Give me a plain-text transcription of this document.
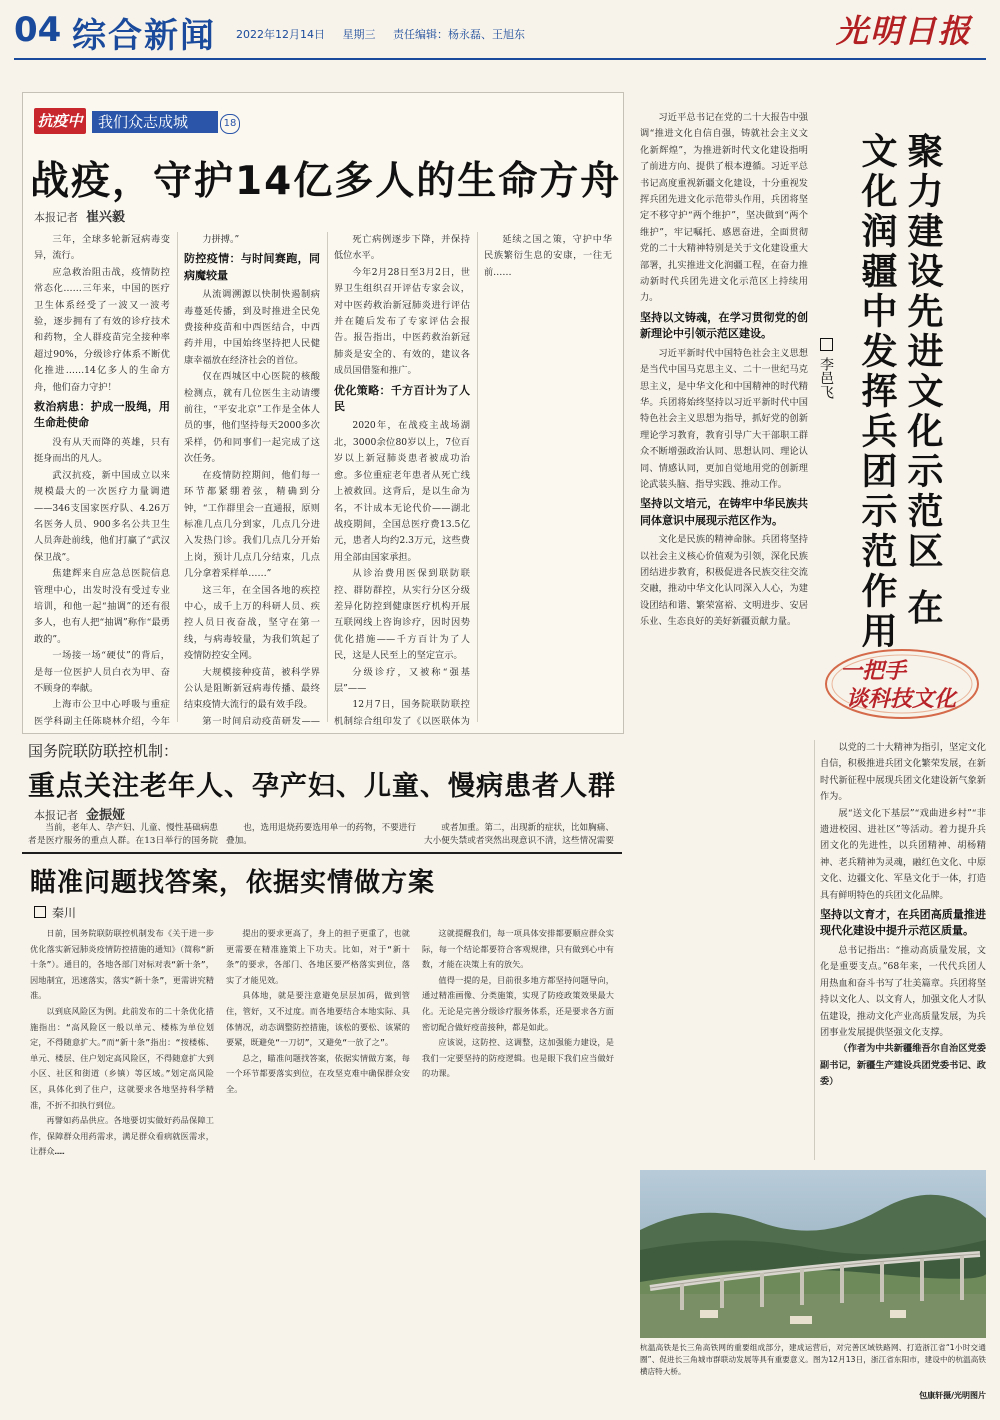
04 综合新闻 2022年12月14日 星期三 责任编辑：杨永磊、王旭东	光明日报
抗疫中	我们众志成城	18
战疫，守护14亿多人的生命方舟
本报记者 崔兴毅

三年，全球多轮新冠病毒变异，流行。

应急救治阻击战，疫情防控常态化……三年来，中国的医疗卫生体系经受了一波又一波考验，逐步拥有了有效的诊疗技术和药物，全人群疫苗完全接种率超过90%，分级诊疗体系不断优化推进……14亿多人的生命方舟，他们奋力守护！

救治病患：护成一股绳，用生命赴使命

没有从天而降的英雄，只有挺身而出的凡人。

武汉抗疫，新中国成立以来规模最大的一次医疗力量调遣——346支国家医疗队、4.26万名医务人员、900多名公共卫生人员奔赴前线，他们打赢了“武汉保卫战”。

焦建辉来自应急总医院信息管理中心，出发时没有受过专业培训，和他一起“抽调”的还有很多人，也有人把“抽调”称作“最勇敢的”。

一场接一场“硬仗”的背后，是每一位医护人员白衣为甲、奋不顾身的奉献。

上海市公卫中心呼吸与重症医学科副主任陈晓林介绍，今年

力拼搏。”

防控疫情：与时间赛跑，同病魔较量

从流调溯源以快制快遏制病毒蔓延传播，到及时推进全民免费接种疫苗和中西医结合，中西药并用，中国始终坚持把人民健康幸福放在经济社会的首位。

仅在西城区中心医院的核酸检测点，就有几位医生主动请缨前往，“平安北京”工作是全体人员的事，他们坚持每天2000多次采样，仍和同事们一起完成了这次任务。

在疫情防控期间，他们每一环节都紧绷着弦，精确到分钟，“工作群里会一直通报，原则标准几点几分到家，几点几分进入发热门诊。我们几点几分开始上岗，预计几点几分结束，几点几分拿着采样单……”

这三年，在全国各地的疾控中心，成千上万的科研人员、疾控人员日夜奋战，坚守在第一线，与病毒较量，为我们筑起了疫情防控安全网。

大规模接种疫苗，被科学界公认是阻断新冠病毒传播、最终结束疫情大流行的最有效手段。

第一时间启动疫苗研发——

死亡病例逐步下降，并保持低位水平。

今年2月28日至3月2日，世界卫生组织召开评估专家会议，对中医药救治新冠肺炎进行评估并在随后发布了专家评估会报告。报告指出，中医药救治新冠肺炎是安全的、有效的，建议各成员国借鉴和推广。

优化策略：千方百计为了人民

2020年，在战疫主战场湖北，3000余位80岁以上，7位百岁以上新冠肺炎患者被成功治愈。多位重症老年患者从死亡线上被救回。这背后，是以生命为名，不计成本无论代价——湖北战疫期间，全国总医疗费13.5亿元，患者人均约2.3万元，这些费用全部由国家承担。

从诊治费用医保到联防联控、群防群控，从实行分区分级差异化防控到健康医疗机构开展互联网线上咨询诊疗，因时因势优化措施——千方百计为了人民，这是人民至上的坚定宣示。

分级诊疗，又被称“强基层”——

12月7日，国务院联防联控机制综合组印发了《以医联体为

延续之国之策，守护中华民族繁衍生息的安康，一往无前……

国务院联防联控机制：
重点关注老年人、孕产妇、儿童、慢病患者人群
本报记者 金振娅
瞄准问题找答案，依据实情做方案
秦川

日前，国务院联防联控机制发布《关于进一步优化落实新冠肺炎疫情防控措施的通知》（简称“新十条”）。通目的，各地各部门对标对表“新十条”，因地制宜，迅速落实，落实“新十条”，更需讲究精准。

以到底风险区为例。此前发布的二十条优化措施指出：“高风险区一般以单元、楼栋为单位划定，不得随意扩大。”而“新十条”指出：“按楼栋、单元、楼层、住户划定高风险区，不得随意扩大到小区、社区和街道（乡镇）等区域。”划定高风险区，具体化到了住户，这就要求各地坚持科学精准，不折不扣执行到位。

再譬如药品供应。各地要切实做好药品保障工作，保障群众用药需求，满足群众看病就医需求，让群众……

提出的要求更高了，身上的担子更重了，也就更需要在精准施策上下功夫。比如，对于“新十条”的要求，各部门、各地区要严格落实到位，落实了才能见效。

具体地，就是要注意避免层层加码，做到管住，管好，又不过度。而各地要结合本地实际、具体情况，动态调整防控措施，该松的要松、该紧的要紧，既避免“一刀切”，又避免“一放了之”。

总之，瞄准问题找答案，依据实情做方案，每一个环节都要落实到位，在攻坚克难中确保群众安全。

这就提醒我们，每一项具体安排都要顺应群众实际，每一个结论都要符合客观规律，只有做到心中有数，才能在决策上有的放矢。

值得一提的是，目前很多地方都坚持问题导向，通过精准画像、分类施策，实现了防疫政策效果最大化。无论是完善分级诊疗服务体系，还是要求各方面密切配合做好疫苗接种，都是如此。

应该说，这防控、这调整，这加强能力建设，是我们一定要坚持的防疫逻辑。也是眼下我们应当做好的功课。

习近平总书记在党的二十大报告中强调“推进文化自信自强，铸就社会主义文化新辉煌”，为推进新时代文化建设指明了前进方向、提供了根本遵循。习近平总书记高度重视新疆文化建设，十分重视发挥兵团先进文化示范带头作用，兵团将坚定不移守护“两个维护”，坚决做到“两个维护”，牢记嘱托、感恩奋进，全面贯彻党的二十大精神特别是关于文化建设重大部署，扎实推进文化润疆工程，在奋力推动新时代兵团先进文化示范区上持续用力。

坚持以文铸魂，在学习贯彻党的创新理论中引领示范区建设。

习近平新时代中国特色社会主义思想是当代中国马克思主义、二十一世纪马克思主义，是中华文化和中国精神的时代精华。兵团将始终坚持以习近平新时代中国特色社会主义思想为指导，抓好党的创新理论学习教育，教育引导广大干部职工群众不断增强政治认同、思想认同、理论认同、情感认同，更加自觉地用党的创新理论武装头脑、指导实践、推动工作。

坚持以文培元，在铸牢中华民族共同体意识中展现示范区作为。

文化是民族的精神命脉。兵团将坚持以社会主义核心价值观为引领，深化民族团结进步教育，积极促进各民族交往交流交融，推动中华文化认同深入人心，为建设团结和谐、繁荣富裕、文明进步、安居乐业、生态良好的美好新疆贡献力量。	聚力建设先进文化示范区 在文化润疆中发挥兵团示范作用
李邑飞
一把手
谈科技文化

以党的二十大精神为指引，坚定文化自信，积极推进兵团文化繁荣发展，在新时代新征程中展现兵团文化建设新气象新作为。

展“送文化下基层”“戏曲进乡村”“非遗进校园、进社区”等活动。着力提升兵团文化的先进性，以兵团精神、胡杨精神、老兵精神为灵魂，融红色文化、中原文化、边疆文化、军垦文化于一体，打造具有鲜明特色的兵团文化品牌。

坚持以文育才，在兵团高质量推进现代化建设中提升示范区质量。

总书记指出：“推动高质量发展，文化是重要支点。”68年来，一代代兵团人用热血和奋斗书写了壮美篇章。兵团将坚持以文化人、以文育人，加强文化人才队伍建设，推动文化产业高质量发展，为兵团事业发展提供坚强文化支撑。

（作者为中共新疆维吾尔自治区党委副书记，新疆生产建设兵团党委书记、政委）

杭温高铁是长三角高铁网的重要组成部分，建成运营后，对完善区域铁路网、打造浙江省“1小时交通圈”、促进长三角城市群联动发展等具有重要意义。图为12月13日，浙江省东阳市，建设中的杭温高铁横店特大桥。
包康轩摄/光明图片

当前，老年人、孕产妇、儿童、慢性基础病患者是医疗服务的重点人群。在13日举行的国务院

也，选用退烧药要选用单一的药物，不要进行叠加。

或者加重。第二，出现新的症状，比如胸痛、大小便失禁或者突然出现意识不清，这些情况需要
